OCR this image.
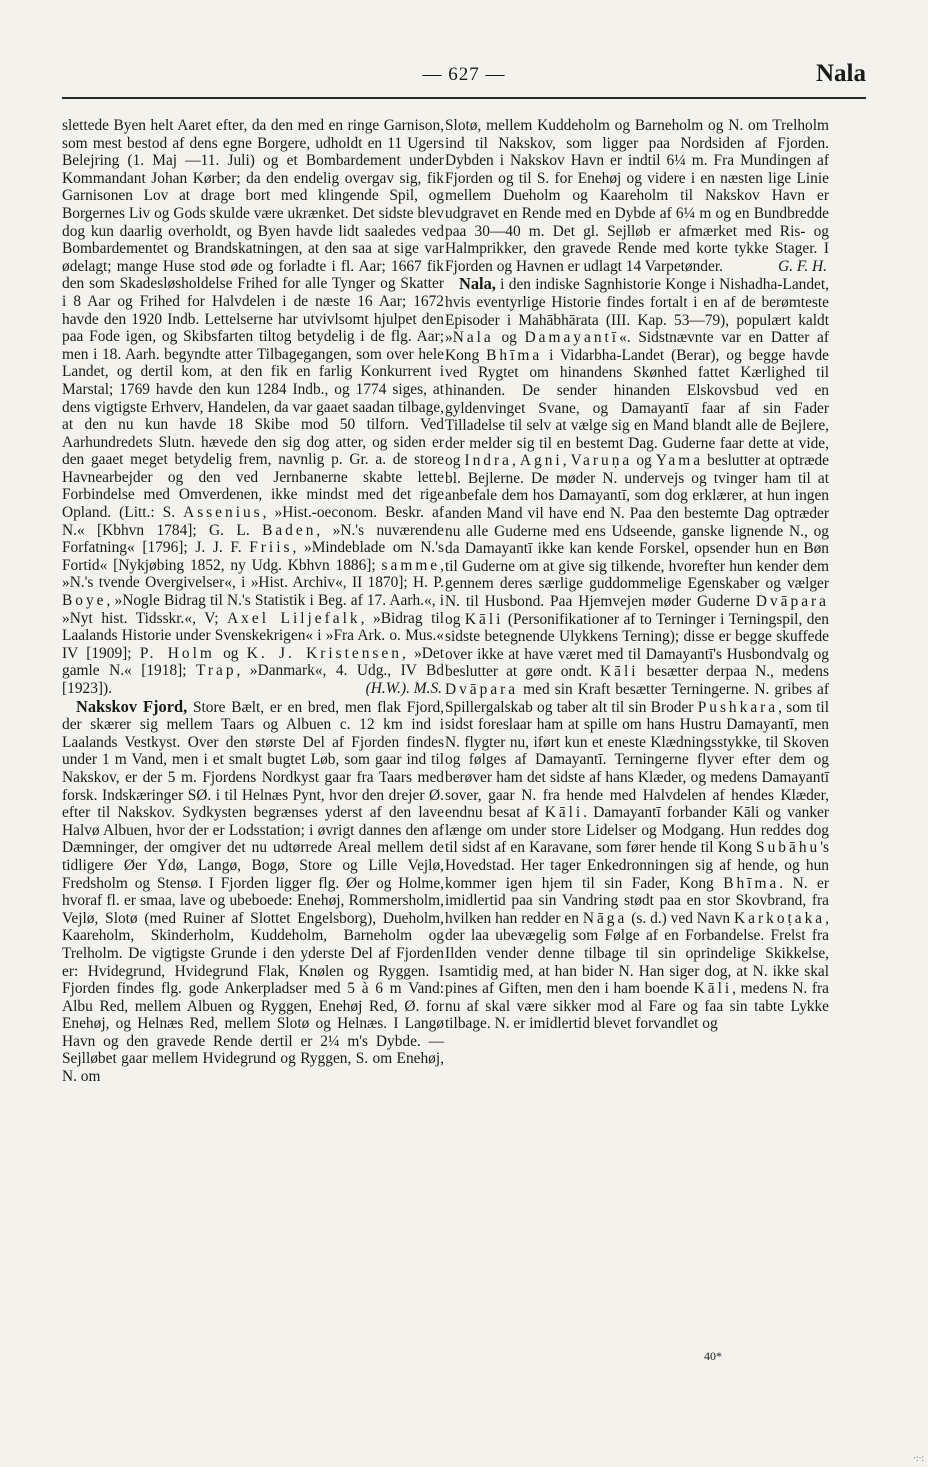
— 627 —	Nala

slettede Byen helt Aaret efter, da den med en ringe Garnison, som mest bestod af dens egne Borgere, udholdt en 11 Ugers Belejring (1. Maj —11. Juli) og et Bombardement under Kommandant Johan Kørber; da den endelig overgav sig, fik Garnisonen Lov at drage bort med klingende Spil, og Borgernes Liv og Gods skulde være ukrænket. Det sidste blev dog kun daarlig overholdt, og Byen havde lidt saaledes ved Bombardementet og Brandskatningen, at den saa at sige var ødelagt; mange Huse stod øde og forladte i fl. Aar; 1667 fik den som Skadesløsholdelse Frihed for alle Tynger og Skatter i 8 Aar og Frihed for Halvdelen i de næste 16 Aar; 1672 havde den 1920 Indb. Lettelserne har utvivlsomt hjulpet den paa Fode igen, og Skibsfarten tiltog betydelig i de flg. Aar; men i 18. Aarh. begyndte atter Tilbagegangen, som over hele Landet, og dertil kom, at den fik en farlig Konkurrent i Marstal; 1769 havde den kun 1284 Indb., og 1774 siges, at dens vigtigste Erhverv, Handelen, da var gaaet saadan tilbage, at den nu kun havde 18 Skibe mod 50 tilforn. Ved Aarhundredets Slutn. hævede den sig dog atter, og siden er den gaaet meget betydelig frem, navnlig p. Gr. a. de store Havnearbejder og den ved Jernbanerne skabte lette Forbindelse med Omverdenen, ikke mindst med det rige Opland. (Litt.: S. Assenius, »Hist.-oeconom. Beskr. af N.« [Kbhvn 1784]; G. L. Baden, »N.'s nuværende Forfatning« [1796]; J. J. F. Friis, »Mindeblade om N.'s Fortid« [Nykjøbing 1852, ny Udg. Kbhvn 1886]; samme, »N.'s tvende Overgivelser«, i »Hist. Archiv«, II 1870]; H. P. Boye, »Nogle Bidrag til N.'s Statistik i Beg. af 17. Aarh.«, i »Nyt hist. Tidsskr.«, V; Axel Liljefalk, »Bidrag til Laalands Historie under Svenskekrigen« i »Fra Ark. o. Mus.« IV [1909]; P. Holm og K. J. Kristensen, »Det gamle N.« [1918]; Trap, »Danmark«, 4. Udg., IV Bd [1923]).	(H.W.). M.S.

Nakskov Fjord, Store Bælt, er en bred, men flak Fjord, der skærer sig mellem Taars og Albuen c. 12 km ind i Laalands Vestkyst. Over den største Del af Fjorden findes under 1 m Vand, men i et smalt bugtet Løb, som gaar ind til Nakskov, er der 5 m. Fjordens Nordkyst gaar fra Taars med forsk. Indskæringer SØ. i til Helnæs Pynt, hvor den drejer Ø. efter til Nakskov. Sydkysten begrænses yderst af den lave Halvø Albuen, hvor der er Lodsstation; i øvrigt dannes den af Dæmninger, der omgiver det nu udtørrede Areal mellem de tidligere Øer Ydø, Langø, Bogø, Store og Lille Vejlø, Fredsholm og Stensø. I Fjorden ligger flg. Øer og Holme, hvoraf fl. er smaa, lave og ubeboede: Enehøj, Rommersholm, Vejlø, Slotø (med Ruiner af Slottet Engelsborg), Dueholm, Kaareholm, Skinderholm, Kuddeholm, Barneholm og Trelholm. De vigtigste Grunde i den yderste Del af Fjorden er: Hvidegrund, Hvidegrund Flak, Knølen og Ryggen. I Fjorden findes flg. gode Ankerpladser med 5 à 6 m Vand: Albu Red, mellem Albuen og Ryggen, Enehøj Red, Ø. for Enehøj, og Helnæs Red, mellem Slotø og Helnæs. I Langø Havn og den gravede Rende dertil er 2¼ m's Dybde. — Sejlløbet gaar mellem Hvidegrund og Ryggen, S. om Enehøj, N. om

Slotø, mellem Kuddeholm og Barneholm og N. om Trelholm ind til Nakskov, som ligger paa Nordsiden af Fjorden. Dybden i Nakskov Havn er indtil 6¼ m. Fra Mundingen af Fjorden og til S. for Enehøj og videre i en næsten lige Linie mellem Dueholm og Kaareholm til Nakskov Havn er udgravet en Rende med en Dybde af 6¼ m og en Bundbredde paa 30—40 m. Det gl. Sejlløb er afmærket med Ris- og Halmprikker, den gravede Rende med korte tykke Stager. I Fjorden og Havnen er udlagt 14 Varpetønder.	G. F. H.

Nala, i den indiske Sagnhistorie Konge i Nishadha-Landet, hvis eventyrlige Historie findes fortalt i en af de berømteste Episoder i Mahābhārata (III. Kap. 53—79), populært kaldt »Nala og Damayantī«. Sidstnævnte var en Datter af Kong Bhīma i Vidarbha-Landet (Berar), og begge havde ved Rygtet om hinandens Skønhed fattet Kærlighed til hinanden. De sender hinanden Elskovsbud ved en gyldenvinget Svane, og Damayantī faar af sin Fader Tilladelse til selv at vælge sig en Mand blandt alle de Bejlere, der melder sig til en bestemt Dag. Guderne faar dette at vide, og Indra, Agni, Varuṇa og Yama beslutter at optræde bl. Bejlerne. De møder N. undervejs og tvinger ham til at anbefale dem hos Damayantī, som dog erklærer, at hun ingen anden Mand vil have end N. Paa den bestemte Dag optræder nu alle Guderne med ens Udseende, ganske lignende N., og da Damayantī ikke kan kende Forskel, opsender hun en Bøn til Guderne om at give sig tilkende, hvorefter hun kender dem gennem deres særlige guddommelige Egenskaber og vælger N. til Husbond. Paa Hjemvejen møder Guderne Dvāpara og Kāli (Personifikationer af to Terninger i Terningspil, den sidste betegnende Ulykkens Terning); disse er begge skuffede over ikke at have været med til Damayantī's Husbondvalg og beslutter at gøre ondt. Kāli besætter derpaa N., medens Dvāpara med sin Kraft besætter Terningerne. N. gribes af Spillergalskab og taber alt til sin Broder Pushkara, som til sidst foreslaar ham at spille om hans Hustru Damayantī, men N. flygter nu, iført kun et eneste Klædningsstykke, til Skoven og følges af Damayantī. Terningerne flyver efter dem og berøver ham det sidste af hans Klæder, og medens Damayantī sover, gaar N. fra hende med Halvdelen af hendes Klæder, endnu besat af Kāli. Damayantī forbander Kāli og vanker længe om under store Lidelser og Modgang. Hun reddes dog til sidst af en Karavane, som fører hende til Kong Subāhu's Hovedstad. Her tager Enkedronningen sig af hende, og hun kommer igen hjem til sin Fader, Kong Bhīma. N. er imidlertid paa sin Vandring stødt paa en stor Skovbrand, fra hvilken han redder en Nāga (s. d.) ved Navn Karkoṭaka, der laa ubevægelig som Følge af en Forbandelse. Frelst fra Ilden vender denne tilbage til sin oprindelige Skikkelse, samtidig med, at han bider N. Han siger dog, at N. ikke skal pines af Giften, men den i ham boende Kāli, medens N. fra nu af skal være sikker mod al Fare og faa sin tabte Lykke tilbage. N. er imidlertid blevet forvandlet og

40*
·:·:
